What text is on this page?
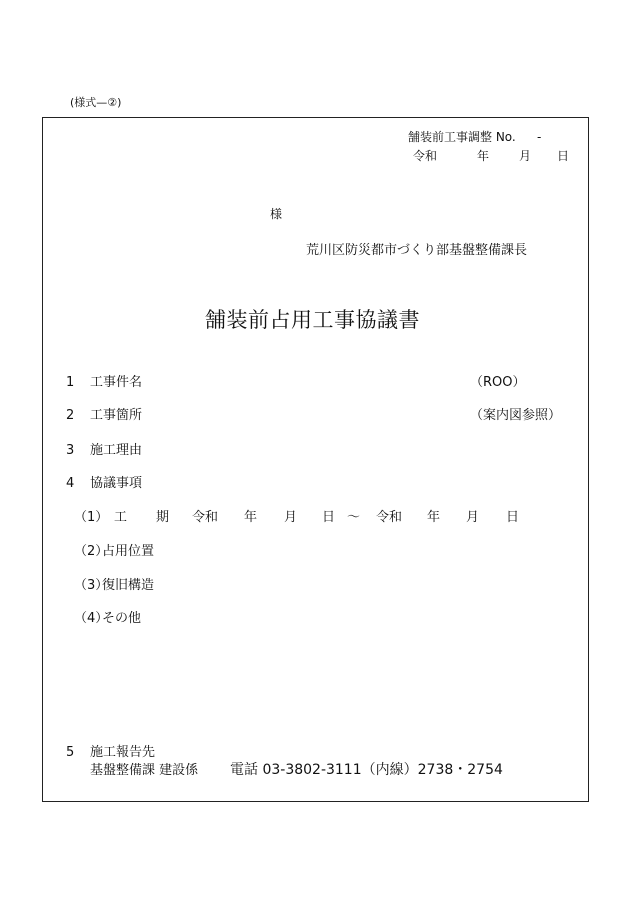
(様式—②)
舗装前工事調整 No. -
令和	年 月 日
様
荒川区防災都市づくり部基盤整備課長
舗装前占用工事協議書
1 工事件名	（ROO）
2 工事箇所	（案内図参照）
3 施工理由
4 協議事項
（1） 工 期 令和 年 月 日 ～ 令和 年 月 日
（2）
占用位置
（3）
復旧構造
（4）
その他
5 施工報告先
基盤整備課 建設係 電話 03-3802-3111（内線）2738・2754
